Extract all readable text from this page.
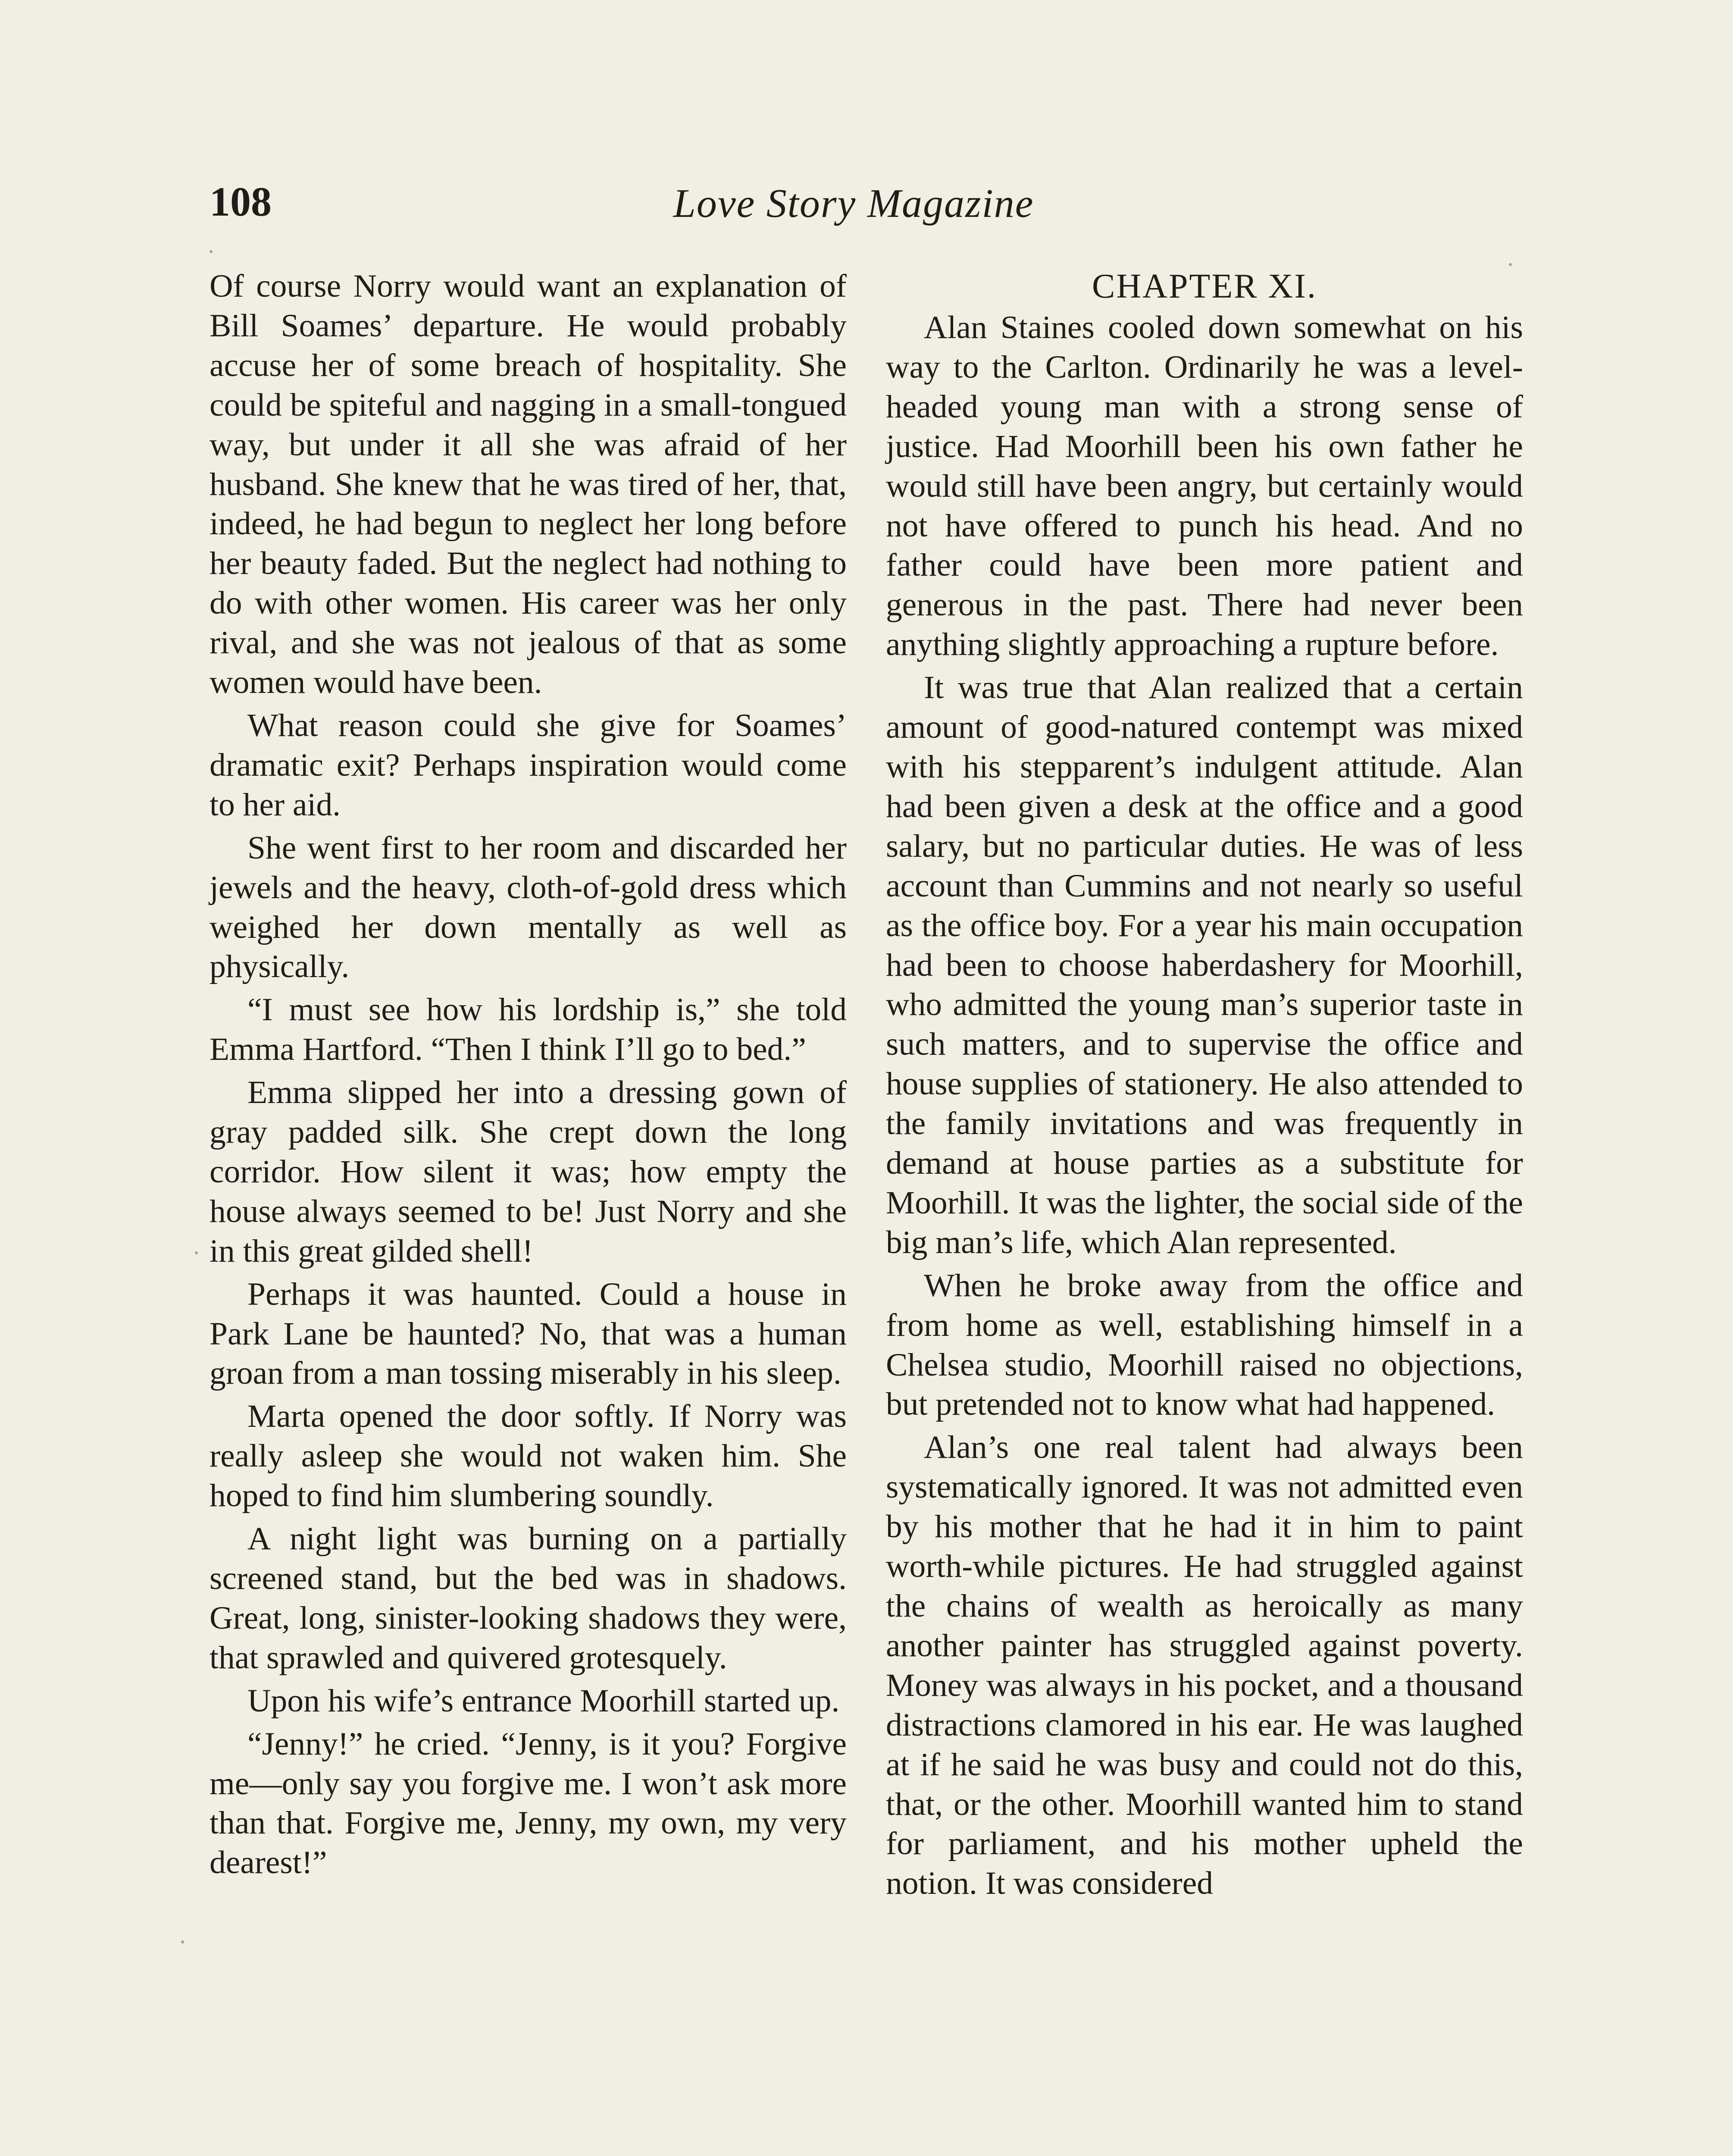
108	Love Story Magazine

Of course Norry would want an explanation of Bill Soames’ departure. He would probably accuse her of some breach of hospitality. She could be spiteful and nagging in a small-tongued way, but under it all she was afraid of her husband. She knew that he was tired of her, that, indeed, he had begun to neglect her long before her beauty faded. But the neglect had nothing to do with other women. His career was her only rival, and she was not jealous of that as some women would have been.

What reason could she give for Soames’ dramatic exit? Perhaps inspiration would come to her aid.

She went first to her room and discarded her jewels and the heavy, cloth-of-gold dress which weighed her down mentally as well as physically.

“I must see how his lordship is,” she told Emma Hartford. “Then I think I’ll go to bed.”

Emma slipped her into a dressing gown of gray padded silk. She crept down the long corridor. How silent it was; how empty the house always seemed to be! Just Norry and she in this great gilded shell!

Perhaps it was haunted. Could a house in Park Lane be haunted? No, that was a human groan from a man tossing miserably in his sleep.

Marta opened the door softly. If Norry was really asleep she would not waken him. She hoped to find him slumbering soundly.

A night light was burning on a partially screened stand, but the bed was in shadows. Great, long, sinister-looking shadows they were, that sprawled and quivered grotesquely.

Upon his wife’s entrance Moorhill started up.

“Jenny!” he cried. “Jenny, is it you? Forgive me—only say you forgive me. I won’t ask more than that. Forgive me, Jenny, my own, my very dearest!”

CHAPTER XI.

Alan Staines cooled down somewhat on his way to the Carlton. Ordinarily he was a level-headed young man with a strong sense of justice. Had Moorhill been his own father he would still have been angry, but certainly would not have offered to punch his head. And no father could have been more patient and generous in the past. There had never been anything slightly approaching a rupture before.

It was true that Alan realized that a certain amount of good-natured contempt was mixed with his stepparent’s indulgent attitude. Alan had been given a desk at the office and a good salary, but no particular duties. He was of less account than Cummins and not nearly so useful as the office boy. For a year his main occupation had been to choose haberdashery for Moorhill, who admitted the young man’s superior taste in such matters, and to supervise the office and house supplies of stationery. He also attended to the family invitations and was frequently in demand at house parties as a substitute for Moorhill. It was the lighter, the social side of the big man’s life, which Alan represented.

When he broke away from the office and from home as well, establishing himself in a Chelsea studio, Moorhill raised no objections, but pretended not to know what had happened.

Alan’s one real talent had always been systematically ignored. It was not admitted even by his mother that he had it in him to paint worth-while pictures. He had struggled against the chains of wealth as heroically as many another painter has struggled against poverty. Money was always in his pocket, and a thousand distractions clamored in his ear. He was laughed at if he said he was busy and could not do this, that, or the other. Moorhill wanted him to stand for parliament, and his mother upheld the notion. It was considered
